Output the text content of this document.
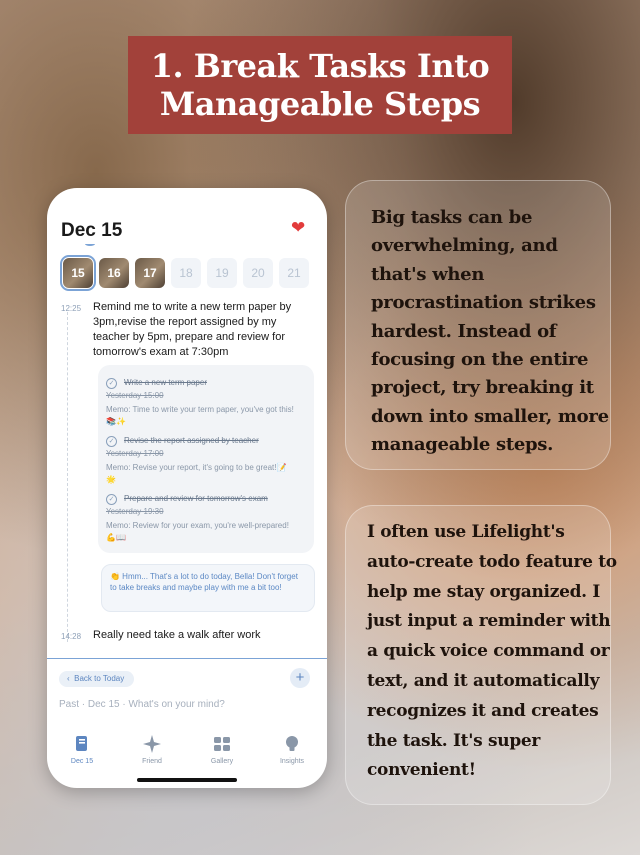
1. Break Tasks Into
Manageable Steps
Dec 15	❤
15	16	17	18	19	20	21
12:25 Remind me to write a new term paper by
3pm,revise the report assigned by my
teacher by 5pm, prepare and review for
tomorrow's exam at 7:30pm
✓	Write a new term paper
Yesterday 15:00
Memo: Time to write your term paper, you've got this!📚✨
✓	Revise the report assigned by teacher
Yesterday 17:00
Memo: Revise your report, it's going to be great!📝🌟
✓	Prepare and review for tomorrow's exam
Yesterday 19:30
Memo: Review for your exam, you're well-prepared!💪📖
👏 Hmm... That's a lot to do today, Bella! Don't forget to take breaks and maybe play with me a bit too!
14:28 Really need take a walk after work
‹  Back to Today	+
Past · Dec 15 · What's on your mind?
Dec 15	Friend	Gallery	Insights
Big tasks can be
overwhelming, and
that's when
procrastination strikes
hardest. Instead of
focusing on the entire
project, try breaking it
down into smaller, more
manageable steps.
I often use Lifelight's
auto-create todo feature to
help me stay organized. I
just input a reminder with
a quick voice command or
text, and it automatically
recognizes it and creates
the task. It's super
convenient!
